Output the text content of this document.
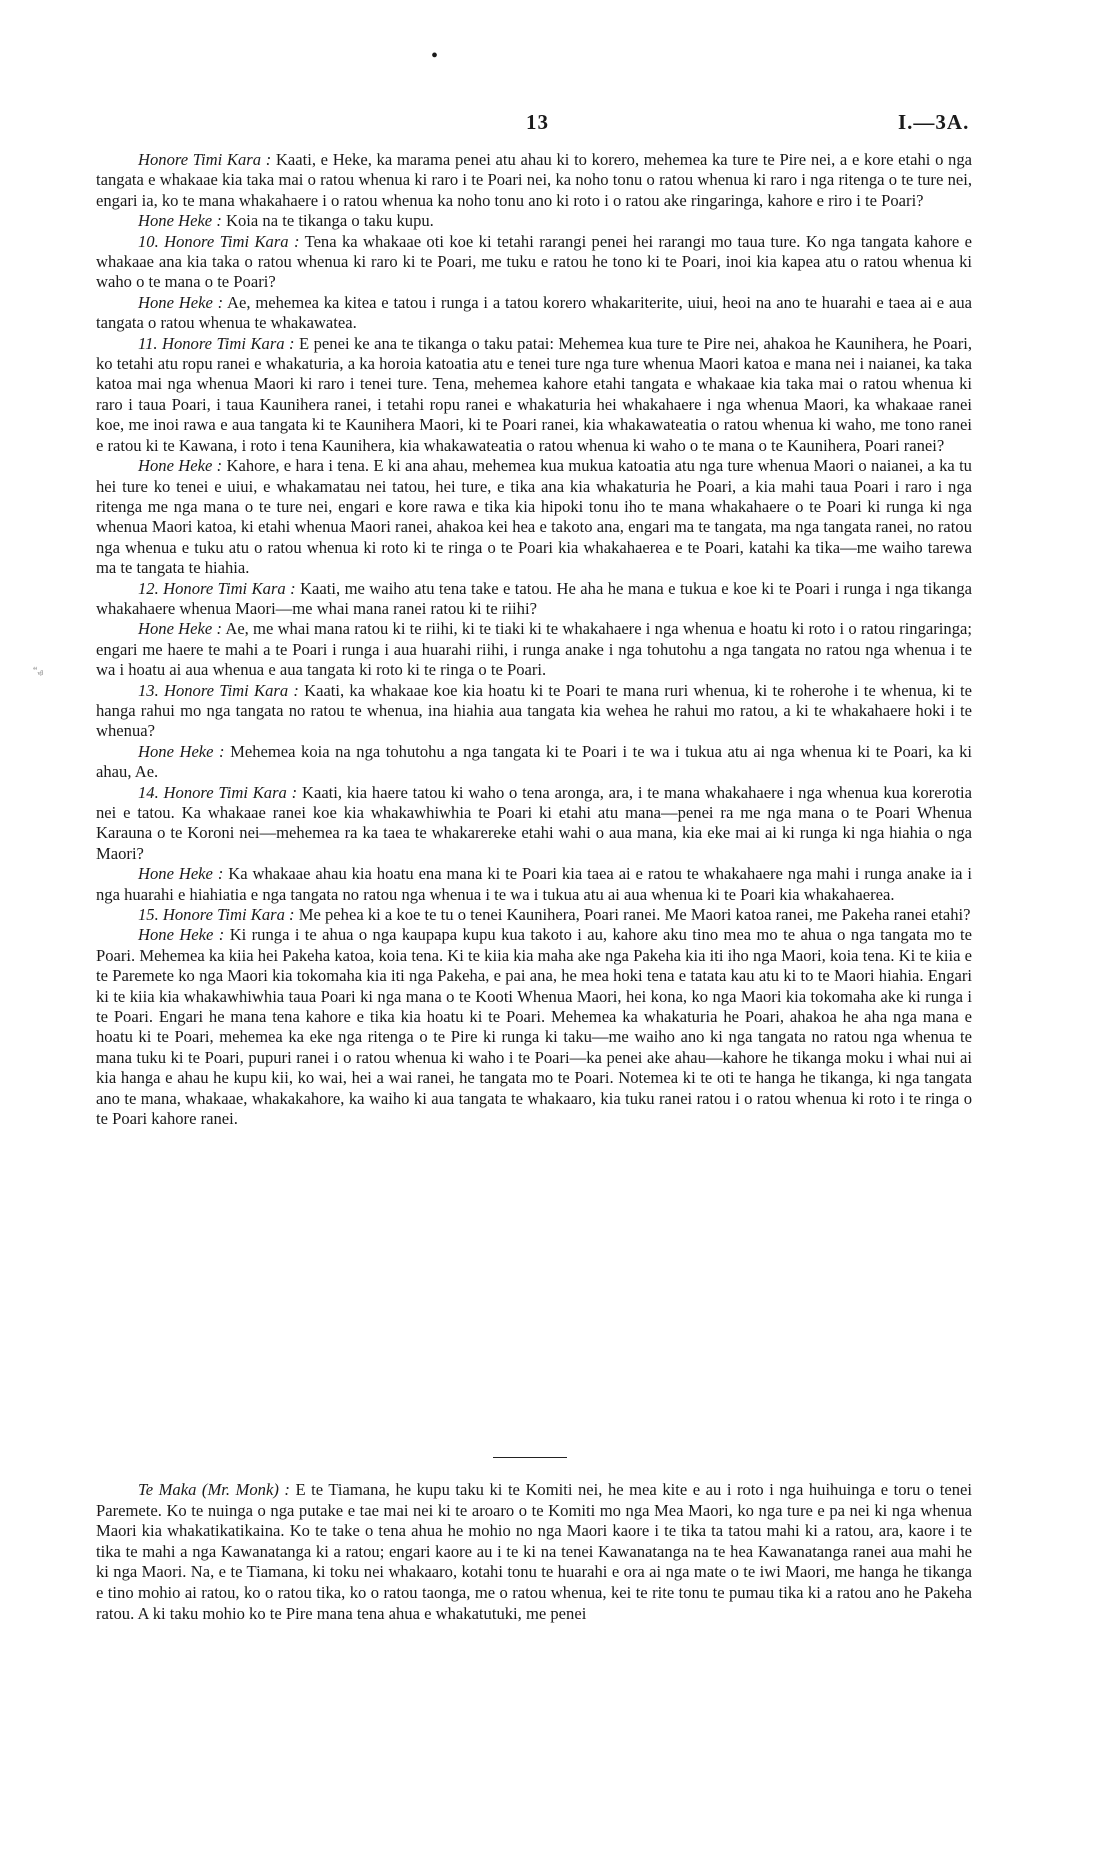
•
“ᵥᵦ
13	I.—3A.

Honore Timi Kara : Kaati, e Heke, ka marama penei atu ahau ki to korero, mehemea ka ture te Pire nei, a e kore etahi o nga tangata e whakaae kia taka mai o ratou whenua ki raro i te Poari nei, ka noho tonu o ratou whenua ki raro i nga ritenga o te ture nei, engari ia, ko te mana whakahaere i o ratou whenua ka noho tonu ano ki roto i o ratou ake ringaringa, kahore e riro i te Poari?

Hone Heke : Koia na te tikanga o taku kupu.

10. Honore Timi Kara : Tena ka whakaae oti koe ki tetahi rarangi penei hei rarangi mo taua ture. Ko nga tangata kahore e whakaae ana kia taka o ratou whenua ki raro ki te Poari, me tuku e ratou he tono ki te Poari, inoi kia kapea atu o ratou whenua ki waho o te mana o te Poari?

Hone Heke : Ae, mehemea ka kitea e tatou i runga i a tatou korero whakariterite, uiui, heoi na ano te huarahi e taea ai e aua tangata o ratou whenua te whakawatea.

11. Honore Timi Kara : E penei ke ana te tikanga o taku patai: Mehemea kua ture te Pire nei, ahakoa he Kaunihera, he Poari, ko tetahi atu ropu ranei e whakaturia, a ka horoia katoatia atu e tenei ture nga ture whenua Maori katoa e mana nei i naianei, ka taka katoa mai nga whenua Maori ki raro i tenei ture. Tena, mehemea kahore etahi tangata e whakaae kia taka mai o ratou whenua ki raro i taua Poari, i taua Kaunihera ranei, i tetahi ropu ranei e whakaturia hei whakahaere i nga whenua Maori, ka whakaae ranei koe, me inoi rawa e aua tangata ki te Kaunihera Maori, ki te Poari ranei, kia whakawateatia o ratou whenua ki waho, me tono ranei e ratou ki te Kawana, i roto i tena Kaunihera, kia whakawateatia o ratou whenua ki waho o te mana o te Kaunihera, Poari ranei?

Hone Heke : Kahore, e hara i tena. E ki ana ahau, mehemea kua mukua katoatia atu nga ture whenua Maori o naianei, a ka tu hei ture ko tenei e uiui, e whakamatau nei tatou, hei ture, e tika ana kia whakaturia he Poari, a kia mahi taua Poari i raro i nga ritenga me nga mana o te ture nei, engari e kore rawa e tika kia hipoki tonu iho te mana whakahaere o te Poari ki runga ki nga whenua Maori katoa, ki etahi whenua Maori ranei, ahakoa kei hea e takoto ana, engari ma te tangata, ma nga tangata ranei, no ratou nga whenua e tuku atu o ratou whenua ki roto ki te ringa o te Poari kia whakahaerea e te Poari, katahi ka tika—me waiho tarewa ma te tangata te hiahia.

12. Honore Timi Kara : Kaati, me waiho atu tena take e tatou. He aha he mana e tukua e koe ki te Poari i runga i nga tikanga whakahaere whenua Maori—me whai mana ranei ratou ki te riihi?

Hone Heke : Ae, me whai mana ratou ki te riihi, ki te tiaki ki te whakahaere i nga whenua e hoatu ki roto i o ratou ringaringa; engari me haere te mahi a te Poari i runga i aua huarahi riihi, i runga anake i nga tohutohu a nga tangata no ratou nga whenua i te wa i hoatu ai aua whenua e aua tangata ki roto ki te ringa o te Poari.

13. Honore Timi Kara : Kaati, ka whakaae koe kia hoatu ki te Poari te mana ruri whenua, ki te roherohe i te whenua, ki te hanga rahui mo nga tangata no ratou te whenua, ina hiahia aua tangata kia wehea he rahui mo ratou, a ki te whakahaere hoki i te whenua?

Hone Heke : Mehemea koia na nga tohutohu a nga tangata ki te Poari i te wa i tukua atu ai nga whenua ki te Poari, ka ki ahau, Ae.

14. Honore Timi Kara : Kaati, kia haere tatou ki waho o tena aronga, ara, i te mana whakahaere i nga whenua kua korerotia nei e tatou. Ka whakaae ranei koe kia whakawhiwhia te Poari ki etahi atu mana—penei ra me nga mana o te Poari Whenua Karauna o te Koroni nei—mehemea ra ka taea te whakarereke etahi wahi o aua mana, kia eke mai ai ki runga ki nga hiahia o nga Maori?

Hone Heke : Ka whakaae ahau kia hoatu ena mana ki te Poari kia taea ai e ratou te whakahaere nga mahi i runga anake ia i nga huarahi e hiahiatia e nga tangata no ratou nga whenua i te wa i tukua atu ai aua whenua ki te Poari kia whakahaerea.

15. Honore Timi Kara : Me pehea ki a koe te tu o tenei Kaunihera, Poari ranei. Me Maori katoa ranei, me Pakeha ranei etahi?

Hone Heke : Ki runga i te ahua o nga kaupapa kupu kua takoto i au, kahore aku tino mea mo te ahua o nga tangata mo te Poari. Mehemea ka kiia hei Pakeha katoa, koia tena. Ki te kiia kia maha ake nga Pakeha kia iti iho nga Maori, koia tena. Ki te kiia e te Paremete ko nga Maori kia tokomaha kia iti nga Pakeha, e pai ana, he mea hoki tena e tatata kau atu ki to te Maori hiahia. Engari ki te kiia kia whakawhiwhia taua Poari ki nga mana o te Kooti Whenua Maori, hei kona, ko nga Maori kia tokomaha ake ki runga i te Poari. Engari he mana tena kahore e tika kia hoatu ki te Poari. Mehemea ka whakaturia he Poari, ahakoa he aha nga mana e hoatu ki te Poari, mehemea ka eke nga ritenga o te Pire ki runga ki taku—me waiho ano ki nga tangata no ratou nga whenua te mana tuku ki te Poari, pupuri ranei i o ratou whenua ki waho i te Poari—ka penei ake ahau—kahore he tikanga moku i whai nui ai kia hanga e ahau he kupu kii, ko wai, hei a wai ranei, he tangata mo te Poari. Notemea ki te oti te hanga he tikanga, ki nga tangata ano te mana, whakaae, whakakahore, ka waiho ki aua tangata te whakaaro, kia tuku ranei ratou i o ratou whenua ki roto i te ringa o te Poari kahore ranei.

Te Maka (Mr. Monk) : E te Tiamana, he kupu taku ki te Komiti nei, he mea kite e au i roto i nga huihuinga e toru o tenei Paremete. Ko te nuinga o nga putake e tae mai nei ki te aroaro o te Komiti mo nga Mea Maori, ko nga ture e pa nei ki nga whenua Maori kia whakatikatikaina. Ko te take o tena ahua he mohio no nga Maori kaore i te tika ta tatou mahi ki a ratou, ara, kaore i te tika te mahi a nga Kawanatanga ki a ratou; engari kaore au i te ki na tenei Kawanatanga na te hea Kawanatanga ranei aua mahi he ki nga Maori. Na, e te Tiamana, ki toku nei whakaaro, kotahi tonu te huarahi e ora ai nga mate o te iwi Maori, me hanga he tikanga e tino mohio ai ratou, ko o ratou tika, ko o ratou taonga, me o ratou whenua, kei te rite tonu te pumau tika ki a ratou ano he Pakeha ratou. A ki taku mohio ko te Pire mana tena ahua e whakatutuki, me penei
